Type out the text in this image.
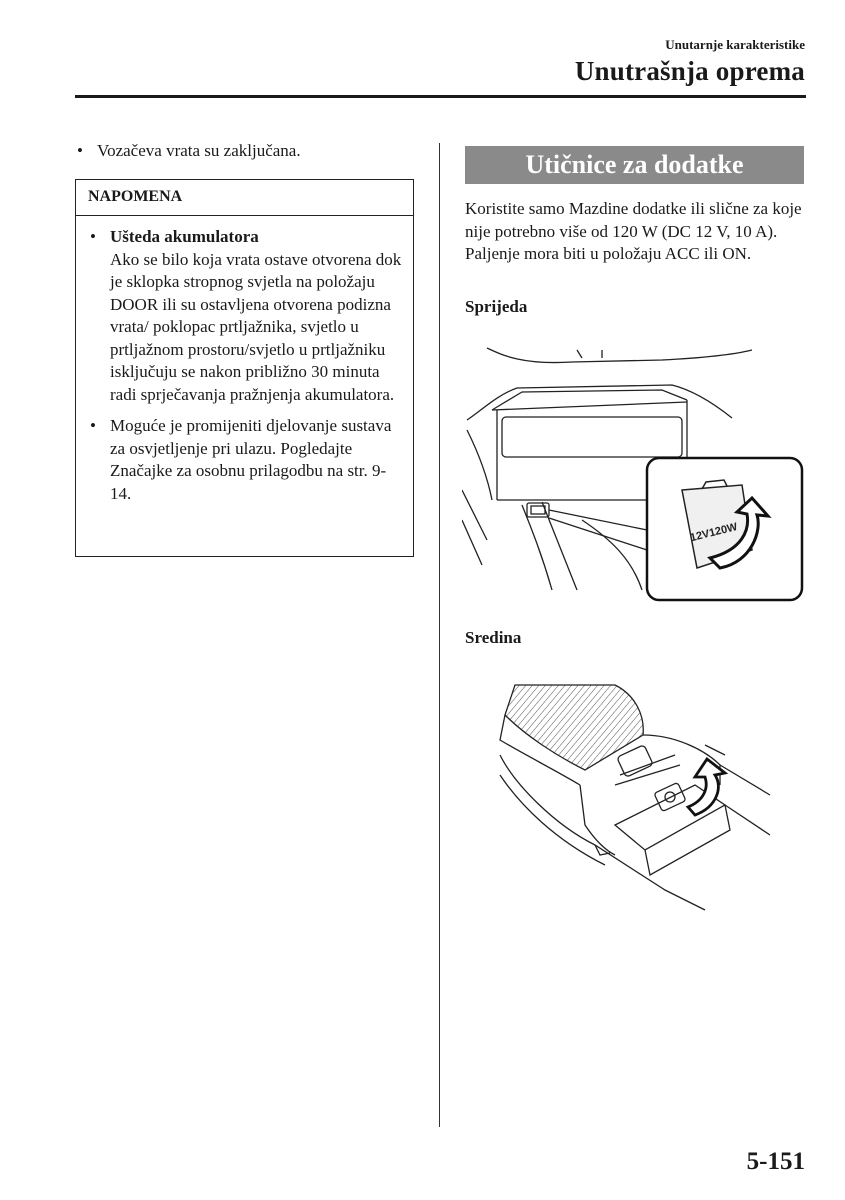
Unutarnje karakteristike
Unutrašnja oprema
• Vozačeva vrata su zaključana.
NAPOMENA
• Ušteda akumulatora
Ako se bilo koja vrata ostave otvorena dok je sklopka stropnog svjetla na položaju DOOR ili su ostavljena otvorena podizna vrata/ poklopac prtljažnika, svjetlo u prtljažnom prostoru/svjetlo u prtljažniku isključuju se nakon približno 30 minuta radi sprječavanja pražnjenja akumulatora.
• Moguće je promijeniti djelovanje sustava za osvjetljenje pri ulazu. Pogledajte Značajke za osobnu prilagodbu na str. 9-14.
Utičnice za dodatke
Koristite samo Mazdine dodatke ili slične za koje nije potrebno više od 120 W (DC 12 V, 10 A).
Paljenje mora biti u položaju ACC ili ON.
Sprijeda
12V120W
Sredina
5-151
